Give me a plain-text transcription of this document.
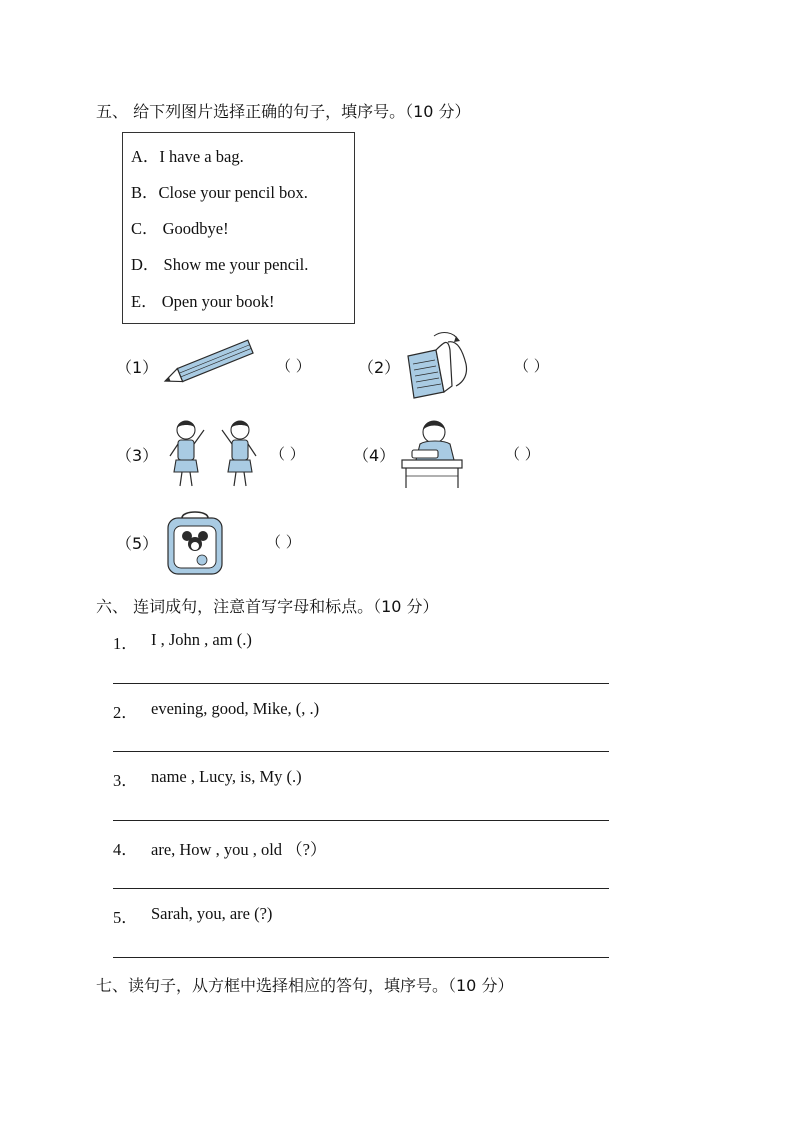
五、 给下列图片选择正确的句子，填序号。（10 分）
A．I have a bag.
B．Close your pencil box.
C． Goodbye!
D． Show me your pencil.
E． Open your book!
（1）	（ ）	（2）	（ ）
（3）	（ ）	（4）	（ ）
（5）	（ ）
六、 连词成句，注意首写字母和标点。（10 分）
1． I , John , am (.)
2． evening, good, Mike, (, .)
3． name , Lucy, is, My (.)
4． are, How , you , old （?）
5． Sarah, you, are (?)
七、读句子，从方框中选择相应的答句，填序号。（10 分）
